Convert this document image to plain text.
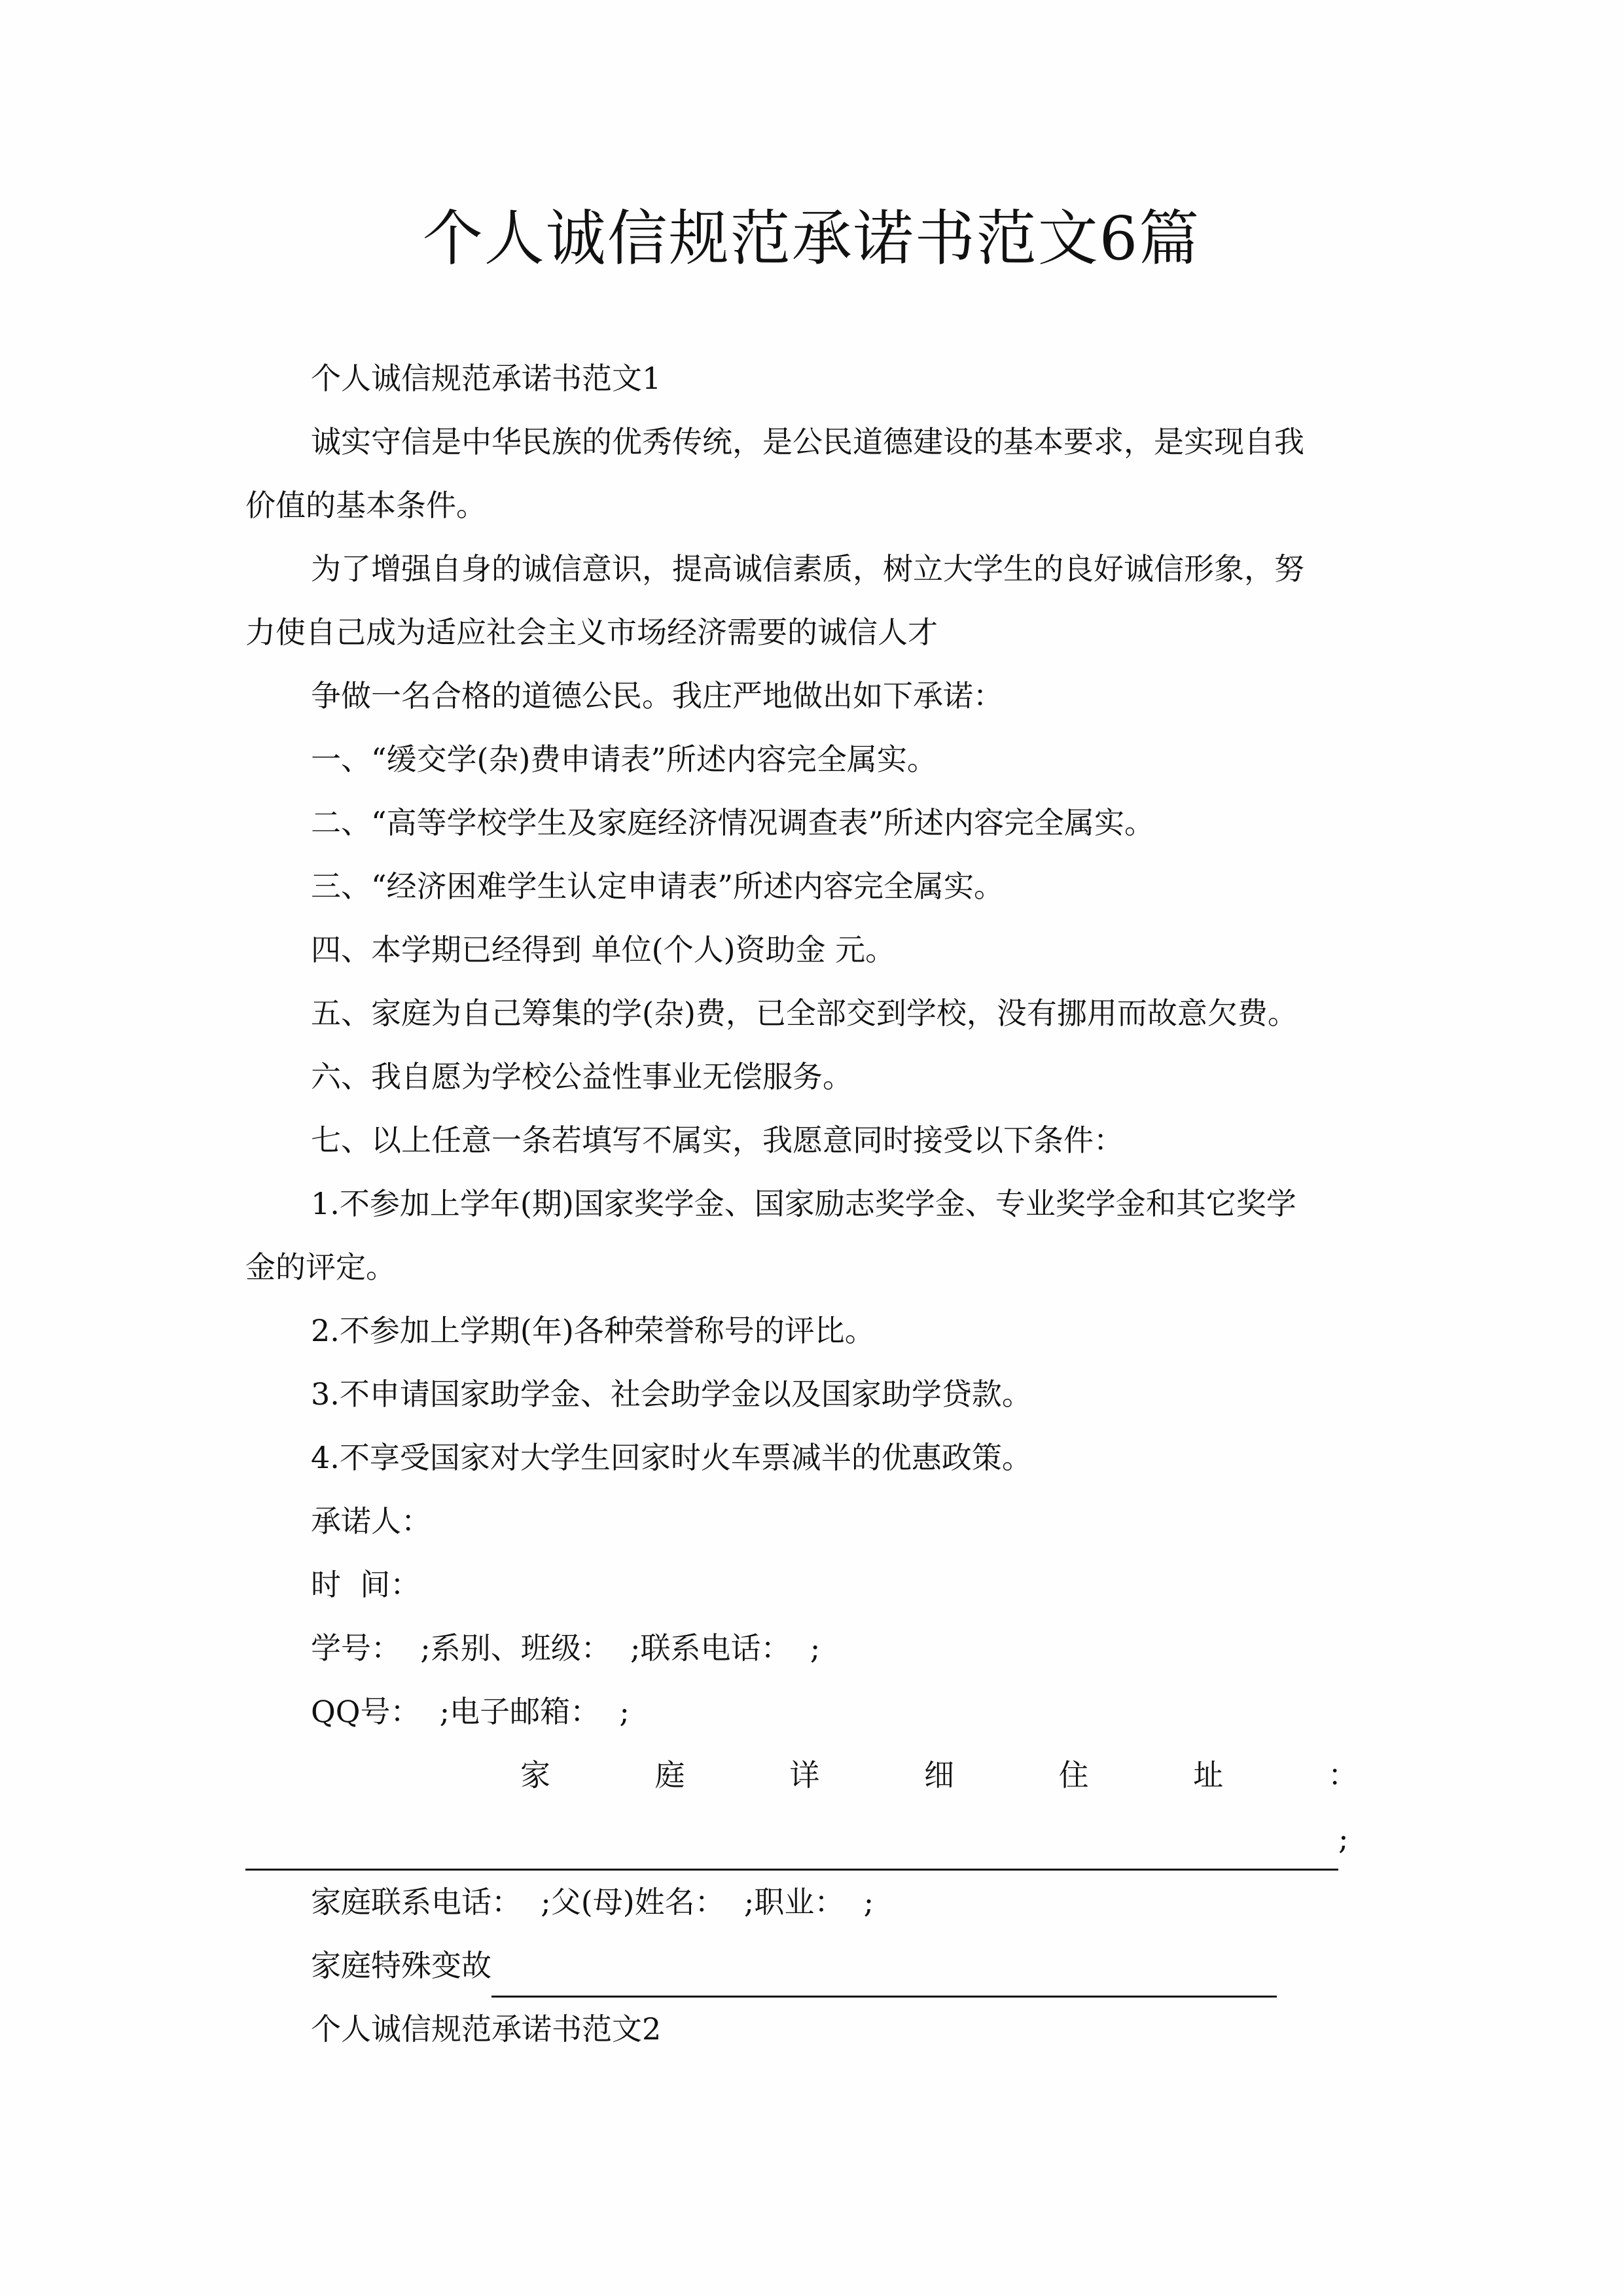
个人诚信规范承诺书范文6篇

个人诚信规范承诺书范文1

诚实守信是中华民族的优秀传统，是公民道德建设的基本要求，是实现自我

价值的基本条件。

为了增强自身的诚信意识，提高诚信素质，树立大学生的良好诚信形象，努

力使自己成为适应社会主义市场经济需要的诚信人才

争做一名合格的道德公民。我庄严地做出如下承诺：

一、“缓交学(杂)费申请表”所述内容完全属实。

二、“高等学校学生及家庭经济情况调查表”所述内容完全属实。

三、“经济困难学生认定申请表”所述内容完全属实。

四、本学期已经得到 单位(个人)资助金 元。

五、家庭为自己筹集的学(杂)费，已全部交到学校，没有挪用而故意欠费。

六、我自愿为学校公益性事业无偿服务。

七、以上任意一条若填写不属实，我愿意同时接受以下条件：

1.不参加上学年(期)国家奖学金、国家励志奖学金、专业奖学金和其它奖学

金的评定。

2.不参加上学期(年)各种荣誉称号的评比。

3.不申请国家助学金、社会助学金以及国家助学贷款。

4.不享受国家对大学生回家时火车票减半的优惠政策。

承诺人：

时  间：

学号：  ;系别、班级：  ;联系电话：  ;

QQ号：  ;电子邮箱：  ;

家	庭	详	细	住	址	：
;

家庭联系电话：  ;父(母)姓名：  ;职业：  ;

家庭特殊变故

个人诚信规范承诺书范文2
